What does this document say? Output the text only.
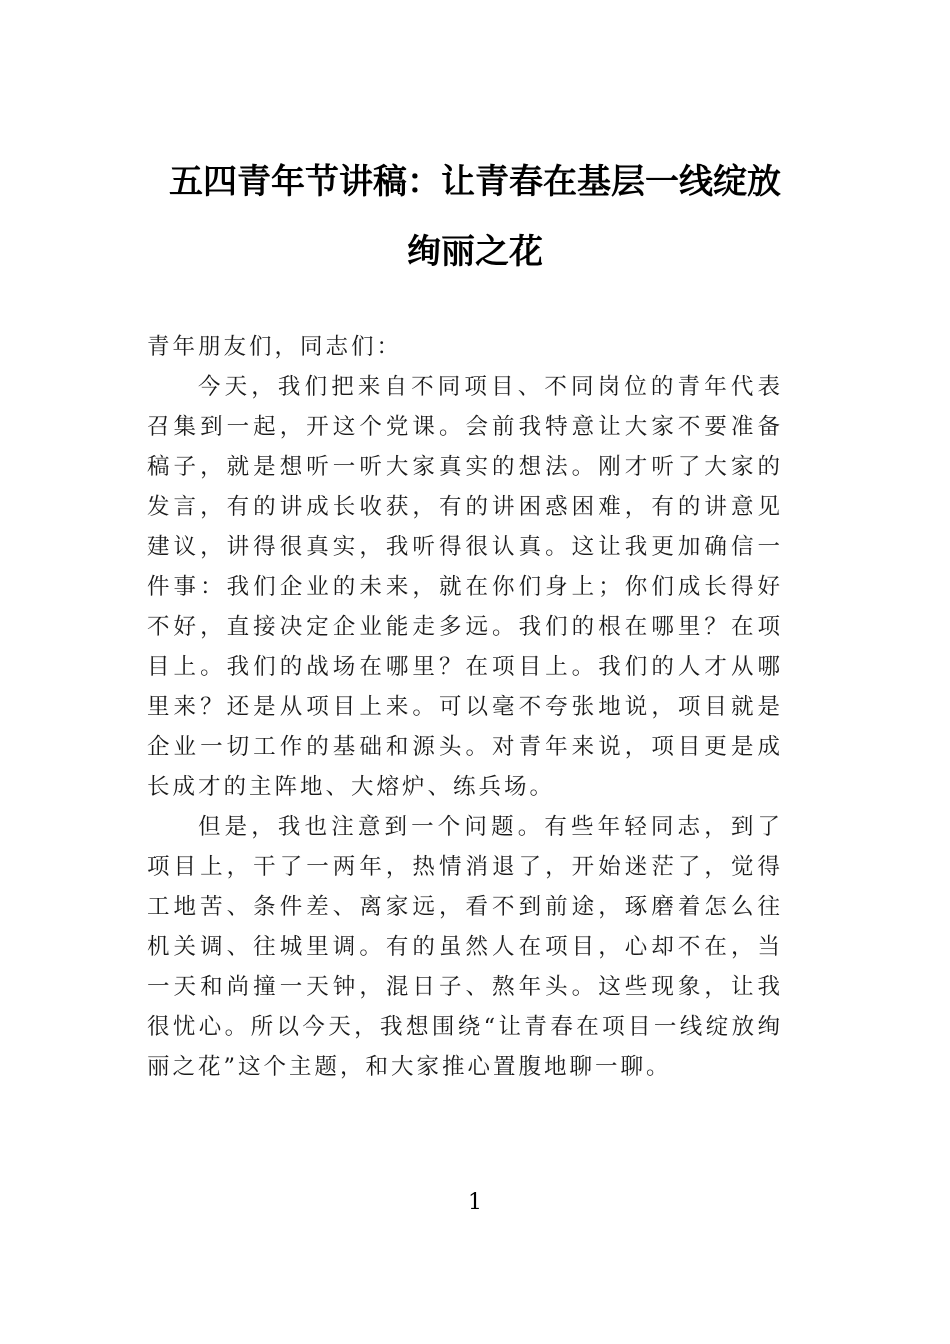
五四青年节讲稿：让青春在基层一线绽放
绚丽之花

青年朋友们，同志们：

今天，我们把来自不同项目、不同岗位的青年代表召集到一起，开这个党课。会前我特意让大家不要准备稿子，就是想听一听大家真实的想法。刚才听了大家的发言，有的讲成长收获，有的讲困惑困难，有的讲意见建议，讲得很真实，我听得很认真。这让我更加确信一件事：我们企业的未来，就在你们身上；你们成长得好不好，直接决定企业能走多远。我们的根在哪里？在项目上。我们的战场在哪里？在项目上。我们的人才从哪里来？还是从项目上来。可以毫不夸张地说，项目就是企业一切工作的基础和源头。对青年来说，项目更是成长成才的主阵地、大熔炉、练兵场。

但是，我也注意到一个问题。有些年轻同志，到了项目上，干了一两年，热情消退了，开始迷茫了，觉得工地苦、条件差、离家远，看不到前途，琢磨着怎么往机关调、往城里调。有的虽然人在项目，心却不在，当一天和尚撞一天钟，混日子、熬年头。这些现象，让我很忧心。所以今天，我想围绕“让青春在项目一线绽放绚丽之花”这个主题，和大家推心置腹地聊一聊。

1
